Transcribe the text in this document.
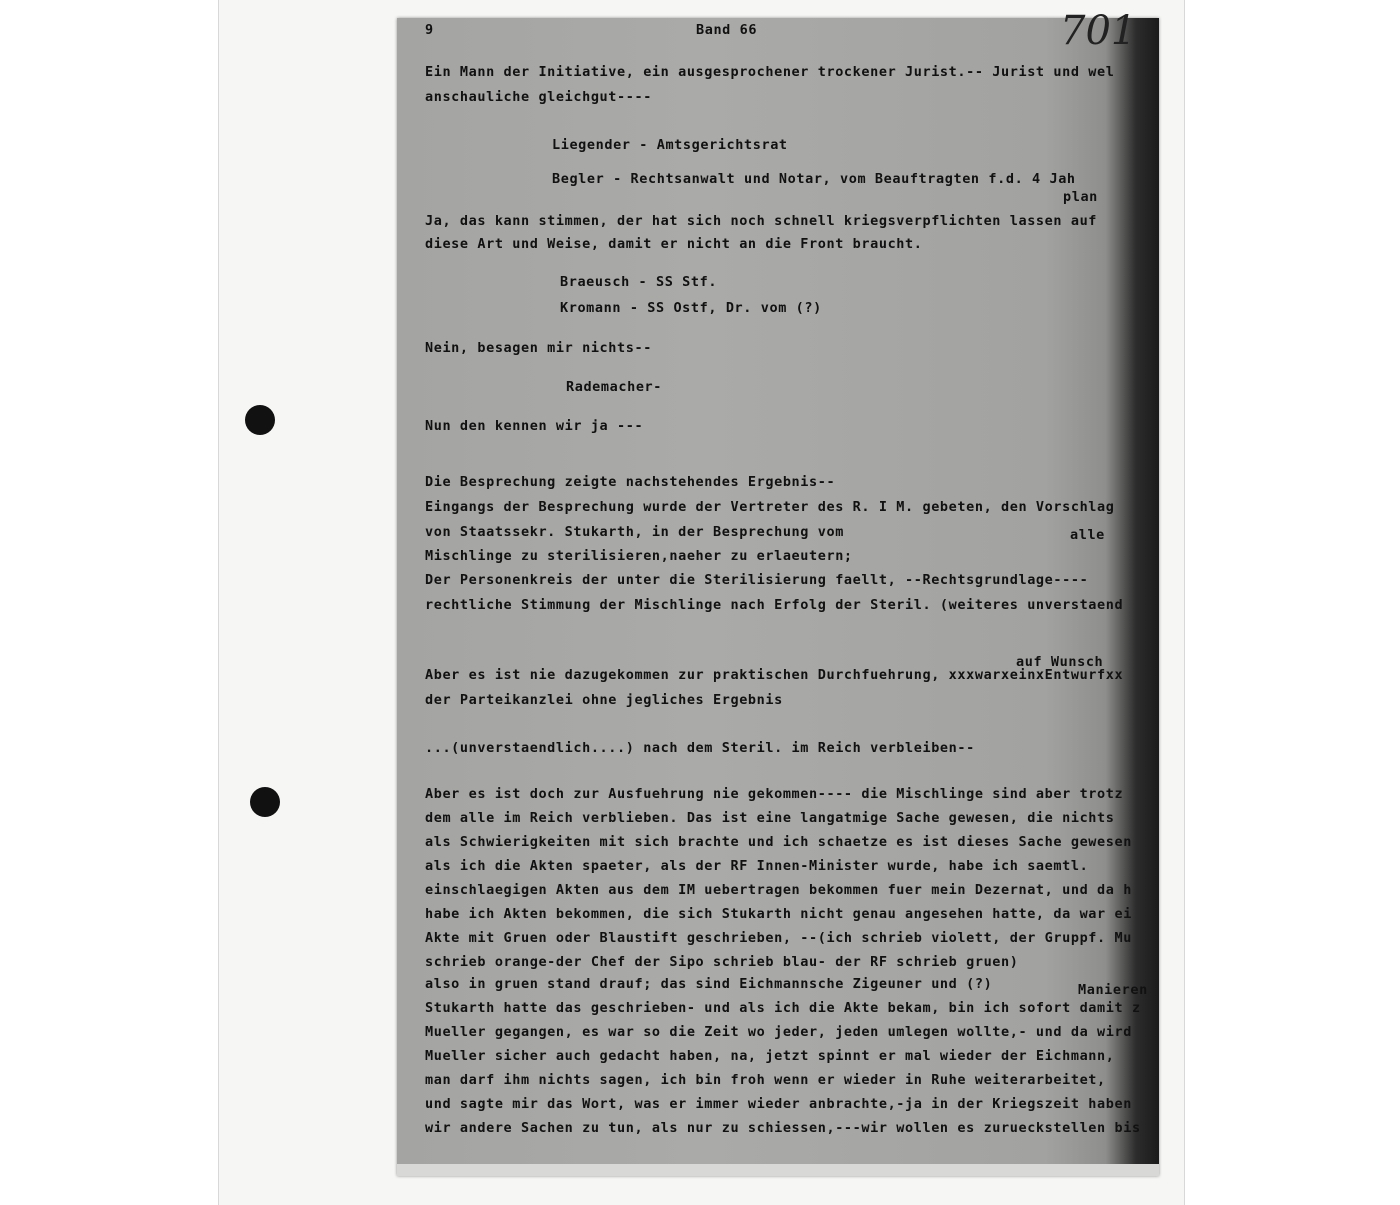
9	Band 66	701
Ein Mann der Initiative, ein ausgesprochener trockener Jurist.-- Jurist und wel
anschauliche gleichgut----
Liegender - Amtsgerichtsrat
Begler - Rechtsanwalt und Notar, vom Beauftragten f.d. 4 Jah
plan
Ja, das kann stimmen, der hat sich noch schnell kriegsverpflichten lassen auf
diese Art und Weise, damit er nicht an die Front braucht.
Braeusch - SS Stf.
Kromann - SS Ostf, Dr. vom (?)
Nein, besagen mir nichts--
Rademacher-
Nun den kennen wir ja ---
Die Besprechung zeigte nachstehendes Ergebnis--
Eingangs der Besprechung wurde der Vertreter des R. I M. gebeten, den Vorschlag
von Staatssekr. Stukarth, in der Besprechung vom	alle
Mischlinge zu sterilisieren,naeher zu erlaeutern;
Der Personenkreis der unter die Sterilisierung faellt, --Rechtsgrundlage----
rechtliche Stimmung der Mischlinge nach Erfolg der Steril. (weiteres unverstaend
auf Wunsch
Aber es ist nie dazugekommen zur praktischen Durchfuehrung, xxxwarxeinxEntwurfxx
der Parteikanzlei ohne jegliches Ergebnis
...(unverstaendlich....) nach dem Steril. im Reich verbleiben--
Aber es ist doch zur Ausfuehrung nie gekommen---- die Mischlinge sind aber trotz
dem alle im Reich verblieben. Das ist eine langatmige Sache gewesen, die nichts
als Schwierigkeiten mit sich brachte und ich schaetze es ist dieses Sache gewesen
als ich die Akten spaeter, als der RF Innen-Minister wurde, habe ich saemtl.
einschlaegigen Akten aus dem IM uebertragen bekommen fuer mein Dezernat, und da h
habe ich Akten bekommen, die sich Stukarth nicht genau angesehen hatte, da war ei
Akte mit Gruen oder Blaustift geschrieben, --(ich schrieb violett, der Gruppf. Mu
schrieb orange-der Chef der Sipo schrieb blau- der RF schrieb gruen)
also in gruen stand drauf; das sind Eichmannsche Zigeuner und (?)	Manieren
Stukarth hatte das geschrieben- und als ich die Akte bekam, bin ich sofort damit z
Mueller gegangen, es war so die Zeit wo jeder, jeden umlegen wollte,- und da wird
Mueller sicher auch gedacht haben, na, jetzt spinnt er mal wieder der Eichmann,
man darf ihm nichts sagen, ich bin froh wenn er wieder in Ruhe weiterarbeitet,
und sagte mir das Wort, was er immer wieder anbrachte,-ja in der Kriegszeit haben
wir andere Sachen zu tun, als nur zu schiessen,---wir wollen es zurueckstellen bis
